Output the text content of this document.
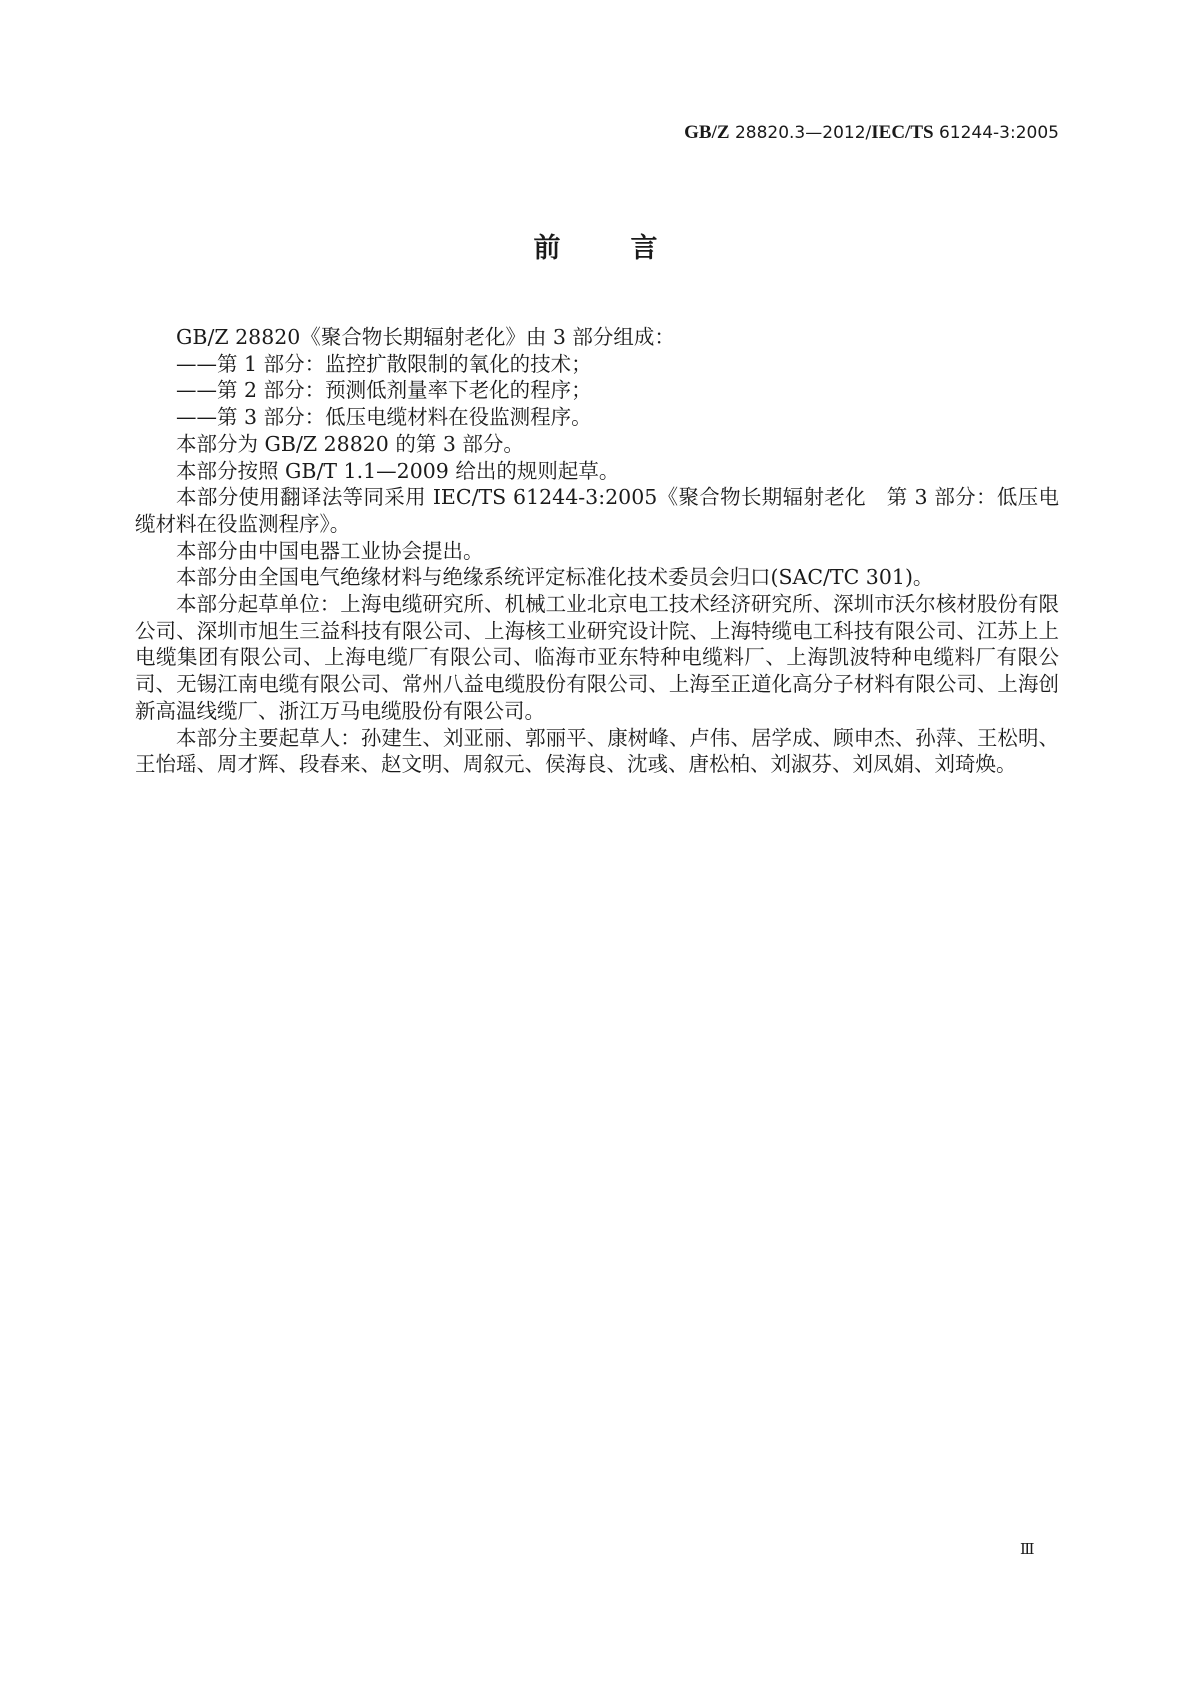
GB/Z 28820.3—2012/IEC/TS 61244-3:2005
前	言

GB/Z 28820《聚合物长期辐射老化》由 3 部分组成：

——第 1 部分：监控扩散限制的氧化的技术；

——第 2 部分：预测低剂量率下老化的程序；

——第 3 部分：低压电缆材料在役监测程序。

本部分为 GB/Z 28820 的第 3 部分。

本部分按照 GB/T 1.1—2009 给出的规则起草。

本部分使用翻译法等同采用 IEC/TS 61244-3:2005《聚合物长期辐射老化　第 3 部分：低压电缆材料在役监测程序》。

本部分由中国电器工业协会提出。

本部分由全国电气绝缘材料与绝缘系统评定标准化技术委员会归口(SAC/TC 301)。

本部分起草单位：上海电缆研究所、机械工业北京电工技术经济研究所、深圳市沃尔核材股份有限公司、深圳市旭生三益科技有限公司、上海核工业研究设计院、上海特缆电工科技有限公司、江苏上上电缆集团有限公司、上海电缆厂有限公司、临海市亚东特种电缆料厂、上海凯波特种电缆料厂有限公司、无锡江南电缆有限公司、常州八益电缆股份有限公司、上海至正道化高分子材料有限公司、上海创新高温线缆厂、浙江万马电缆股份有限公司。

本部分主要起草人：孙建生、刘亚丽、郭丽平、康树峰、卢伟、居学成、顾申杰、孙萍、王松明、王怡瑶、周才辉、段春来、赵文明、周叙元、侯海良、沈彧、唐松柏、刘淑芬、刘凤娟、刘琦焕。

Ⅲ
